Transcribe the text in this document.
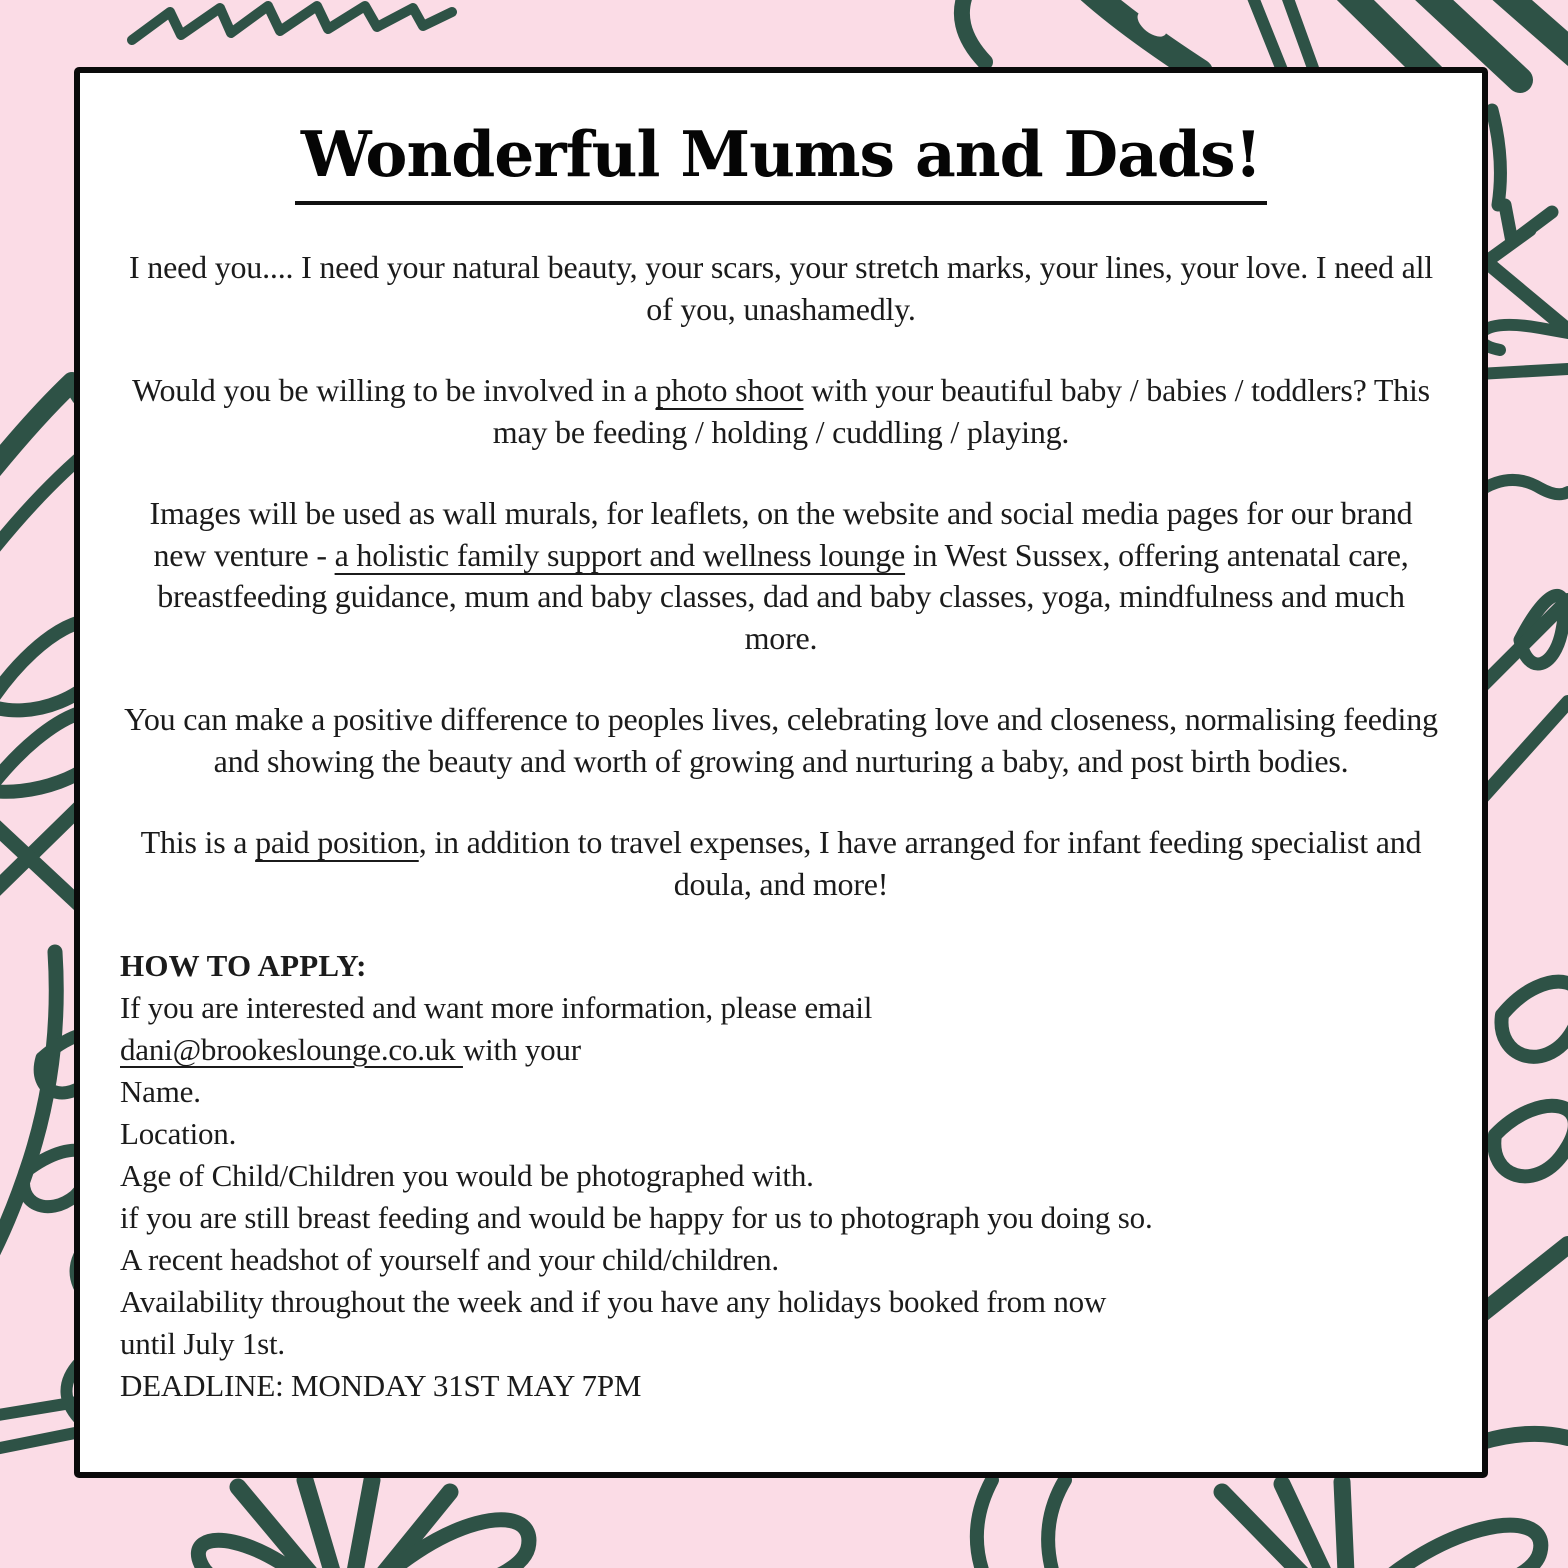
Wonderful Mums and Dads!

I need you.... I need your natural beauty, your scars, your stretch marks, your lines, your love. I need all of you, unashamedly.

Would you be willing to be involved in a photo shoot with your beautiful baby / babies / toddlers? This may be feeding / holding / cuddling / playing.

Images will be used as wall murals, for leaflets, on the website and social media pages for our brand new venture - a holistic family support and wellness lounge in West Sussex, offering antenatal care, breastfeeding guidance, mum and baby classes, dad and baby classes, yoga, mindfulness and much more.

You can make a positive difference to peoples lives, celebrating love and closeness, normalising feeding and showing the beauty and worth of growing and nurturing a baby, and post birth bodies.

This is a paid position, in addition to travel expenses, I have arranged for infant feeding specialist and doula, and more!

HOW TO APPLY:
If you are interested and want more information, please email
dani@brookeslounge.co.uk with your
Name.
Location.
Age of Child/Children you would be photographed with.
if you are still breast feeding and would be happy for us to photograph you doing so.
A recent headshot of yourself and your child/children.
Availability throughout the week and if you have any holidays booked from now
until July 1st.
DEADLINE: MONDAY 31ST MAY 7PM
